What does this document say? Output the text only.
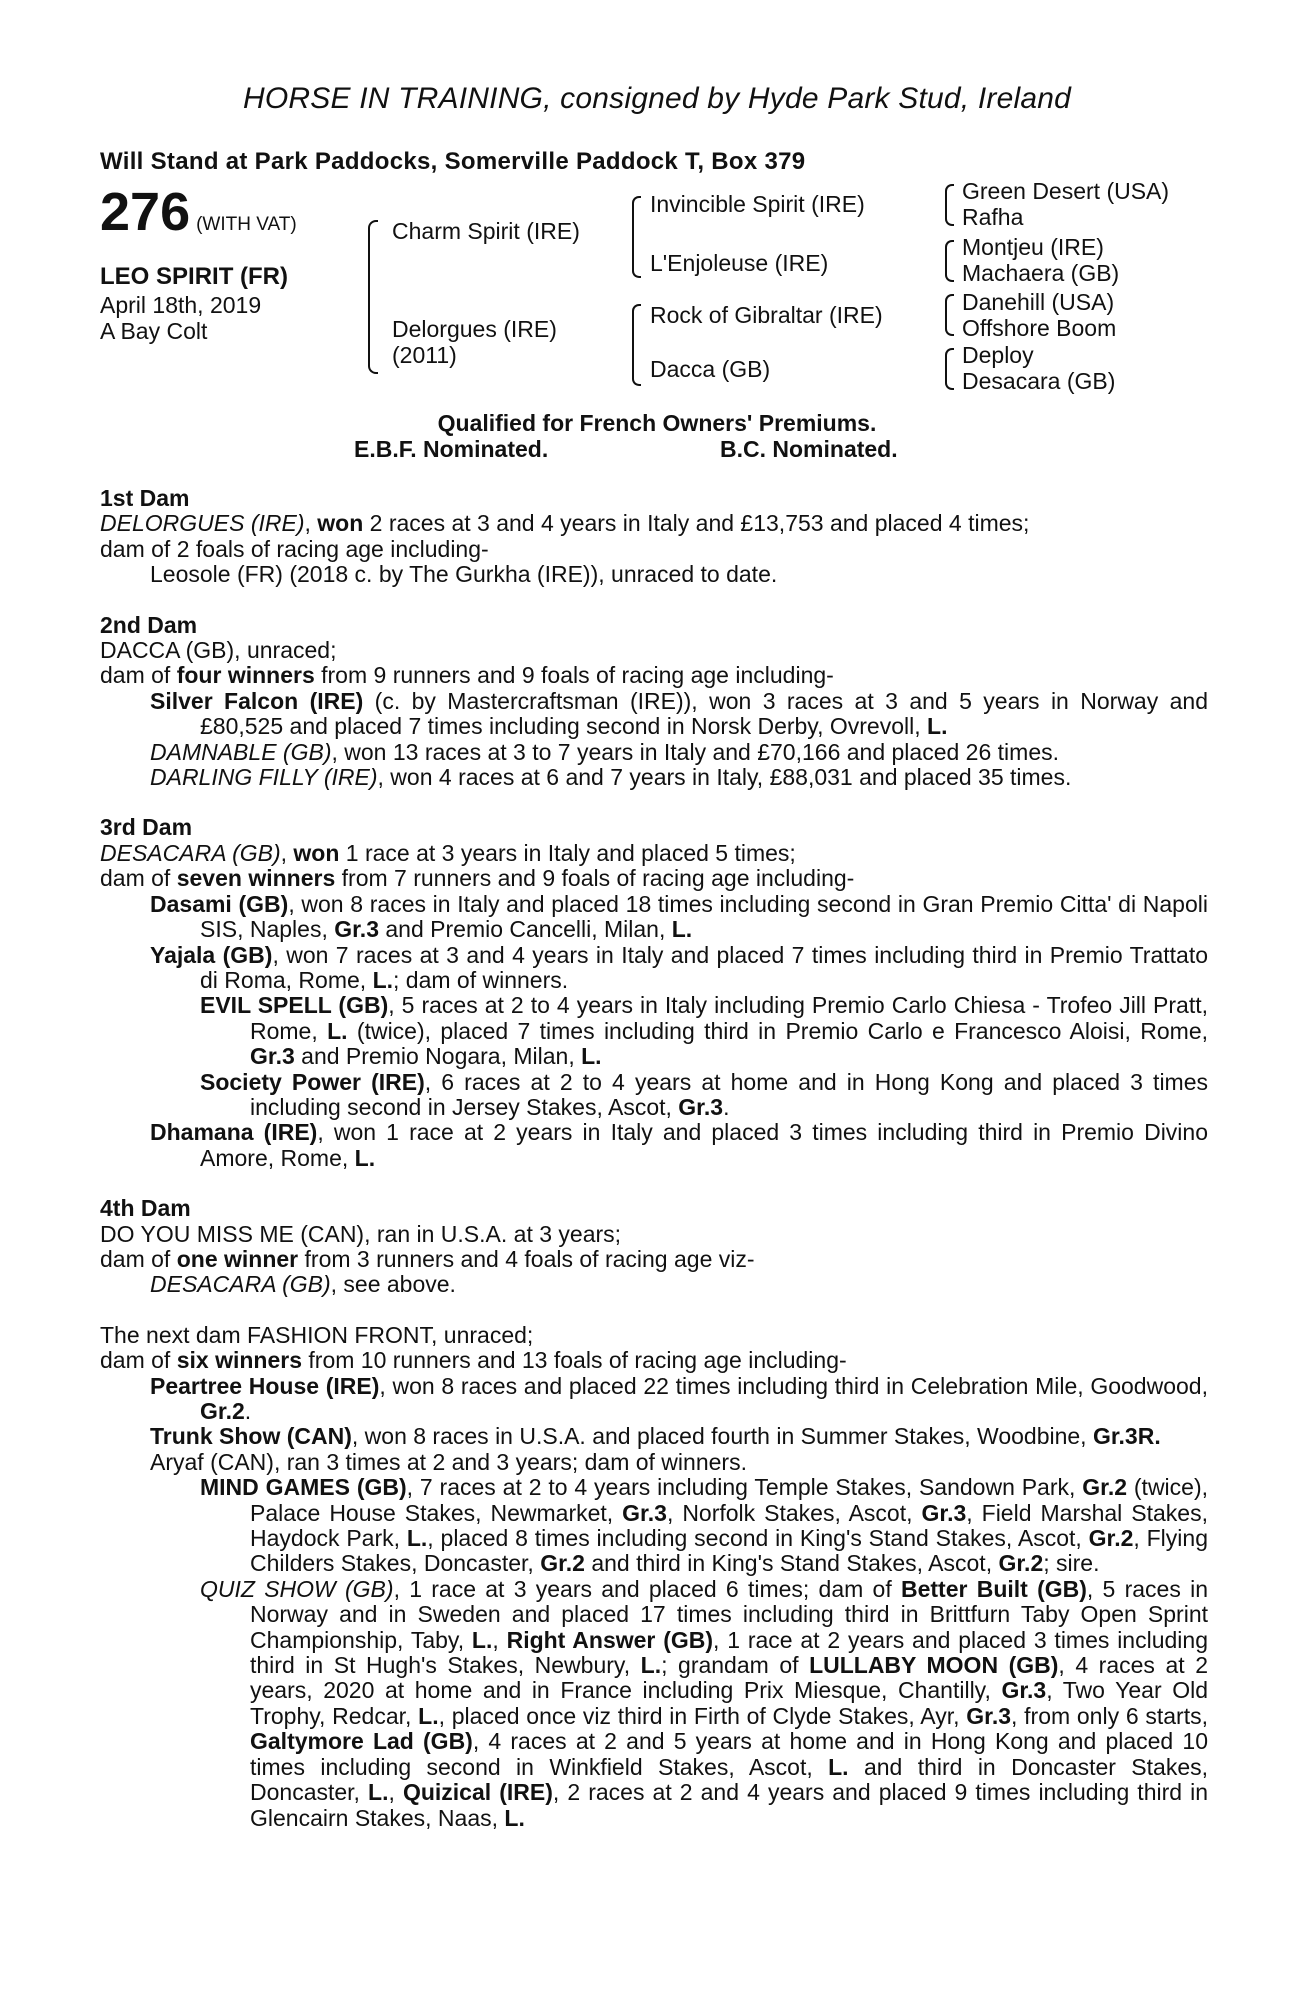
HORSE IN TRAINING, consigned by Hyde Park Stud, Ireland
Will Stand at Park Paddocks, Somerville Paddock T, Box 379
276 (WITH VAT)
LEO SPIRIT (FR)
April 18th, 2019
A Bay Colt
Charm Spirit (IRE)
Delorgues (IRE)
(2011)
Invincible Spirit (IRE)
L'Enjoleuse (IRE)
Rock of Gibraltar (IRE)
Dacca (GB)
Green Desert (USA)
Rafha
Montjeu (IRE)
Machaera (GB)
Danehill (USA)
Offshore Boom
Deploy
Desacara (GB)
Qualified for French Owners' Premiums.
E.B.F. Nominated.	B.C. Nominated.
1st Dam
DELORGUES (IRE), won 2 races at 3 and 4 years in Italy and £13,753 and placed 4 times;
dam of 2 foals of racing age including-
Leosole (FR) (2018 c. by The Gurkha (IRE)), unraced to date.
2nd Dam
DACCA (GB), unraced;
dam of four winners from 9 runners and 9 foals of racing age including-
Silver Falcon (IRE) (c. by Mastercraftsman (IRE)), won 3 races at 3 and 5 years in Norway and £80,525 and placed 7 times including second in Norsk Derby, Ovrevoll, L.
DAMNABLE (GB), won 13 races at 3 to 7 years in Italy and £70,166 and placed 26 times.
DARLING FILLY (IRE), won 4 races at 6 and 7 years in Italy, £88,031 and placed 35 times.
3rd Dam
DESACARA (GB), won 1 race at 3 years in Italy and placed 5 times;
dam of seven winners from 7 runners and 9 foals of racing age including-
Dasami (GB), won 8 races in Italy and placed 18 times including second in Gran Premio Citta' di Napoli SIS, Naples, Gr.3 and Premio Cancelli, Milan, L.
Yajala (GB), won 7 races at 3 and 4 years in Italy and placed 7 times including third in Premio Trattato di Roma, Rome, L.; dam of winners.
EVIL SPELL (GB), 5 races at 2 to 4 years in Italy including Premio Carlo Chiesa - Trofeo Jill Pratt, Rome, L. (twice), placed 7 times including third in Premio Carlo e Francesco Aloisi, Rome, Gr.3 and Premio Nogara, Milan, L.
Society Power (IRE), 6 races at 2 to 4 years at home and in Hong Kong and placed 3 times including second in Jersey Stakes, Ascot, Gr.3.
Dhamana (IRE), won 1 race at 2 years in Italy and placed 3 times including third in Premio Divino Amore, Rome, L.
4th Dam
DO YOU MISS ME (CAN), ran in U.S.A. at 3 years;
dam of one winner from 3 runners and 4 foals of racing age viz-
DESACARA (GB), see above.
The next dam FASHION FRONT, unraced;
dam of six winners from 10 runners and 13 foals of racing age including-
Peartree House (IRE), won 8 races and placed 22 times including third in Celebration Mile, Goodwood, Gr.2.
Trunk Show (CAN), won 8 races in U.S.A. and placed fourth in Summer Stakes, Woodbine, Gr.3R.
Aryaf (CAN), ran 3 times at 2 and 3 years; dam of winners.
MIND GAMES (GB), 7 races at 2 to 4 years including Temple Stakes, Sandown Park, Gr.2 (twice), Palace House Stakes, Newmarket, Gr.3, Norfolk Stakes, Ascot, Gr.3, Field Marshal Stakes, Haydock Park, L., placed 8 times including second in King's Stand Stakes, Ascot, Gr.2, Flying Childers Stakes, Doncaster, Gr.2 and third in King's Stand Stakes, Ascot, Gr.2; sire.
QUIZ SHOW (GB), 1 race at 3 years and placed 6 times; dam of Better Built (GB), 5 races in Norway and in Sweden and placed 17 times including third in Brittfurn Taby Open Sprint Championship, Taby, L., Right Answer (GB), 1 race at 2 years and placed 3 times including third in St Hugh's Stakes, Newbury, L.; grandam of LULLABY MOON (GB), 4 races at 2 years, 2020 at home and in France including Prix Miesque, Chantilly, Gr.3, Two Year Old Trophy, Redcar, L., placed once viz third in Firth of Clyde Stakes, Ayr, Gr.3, from only 6 starts, Galtymore Lad (GB), 4 races at 2 and 5 years at home and in Hong Kong and placed 10 times including second in Winkfield Stakes, Ascot, L. and third in Doncaster Stakes, Doncaster, L., Quizical (IRE), 2 races at 2 and 4 years and placed 9 times including third in Glencairn Stakes, Naas, L.
